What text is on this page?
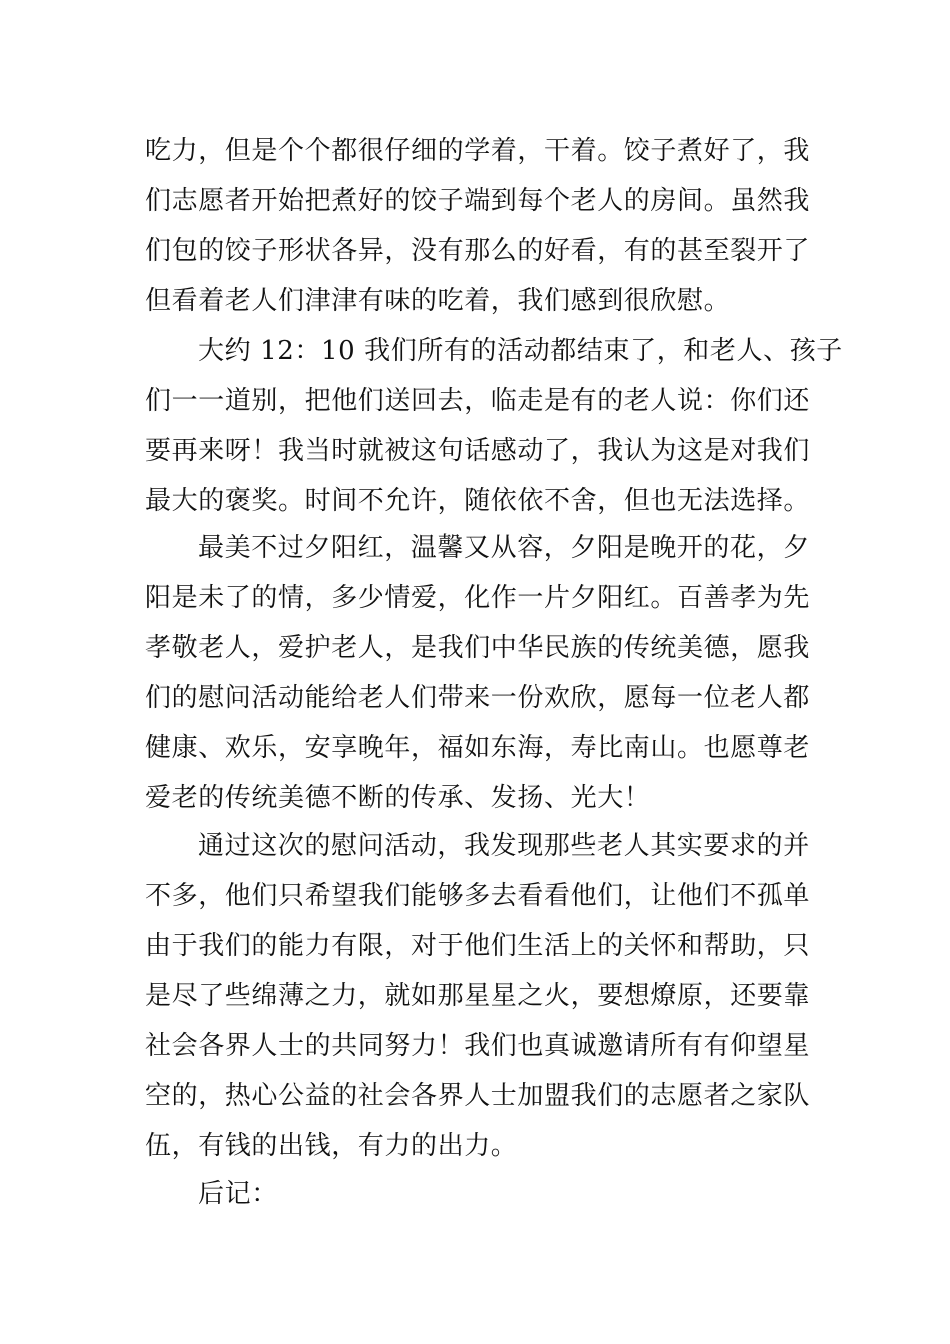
吃力，但是个个都很仔细的学着，干着。饺子煮好了，我
们志愿者开始把煮好的饺子端到每个老人的房间。虽然我
们包的饺子形状各异，没有那么的好看，有的甚至裂开了
但看着老人们津津有味的吃着，我们感到很欣慰。
大约 12：10 我们所有的活动都结束了，和老人、孩子
们一一道别，把他们送回去，临走是有的老人说：你们还
要再来呀！我当时就被这句话感动了，我认为这是对我们
最大的褒奖。时间不允许，随依依不舍，但也无法选择。
最美不过夕阳红，温馨又从容，夕阳是晚开的花，夕
阳是未了的情，多少情爱，化作一片夕阳红。百善孝为先
孝敬老人，爱护老人，是我们中华民族的传统美德，愿我
们的慰问活动能给老人们带来一份欢欣，愿每一位老人都
健康、欢乐，安享晚年，福如东海，寿比南山。也愿尊老
爱老的传统美德不断的传承、发扬、光大！
通过这次的慰问活动，我发现那些老人其实要求的并
不多，他们只希望我们能够多去看看他们，让他们不孤单
由于我们的能力有限，对于他们生活上的关怀和帮助，只
是尽了些绵薄之力，就如那星星之火，要想燎原，还要靠
社会各界人士的共同努力！我们也真诚邀请所有有仰望星
空的，热心公益的社会各界人士加盟我们的志愿者之家队
伍，有钱的出钱，有力的出力。
后记：
